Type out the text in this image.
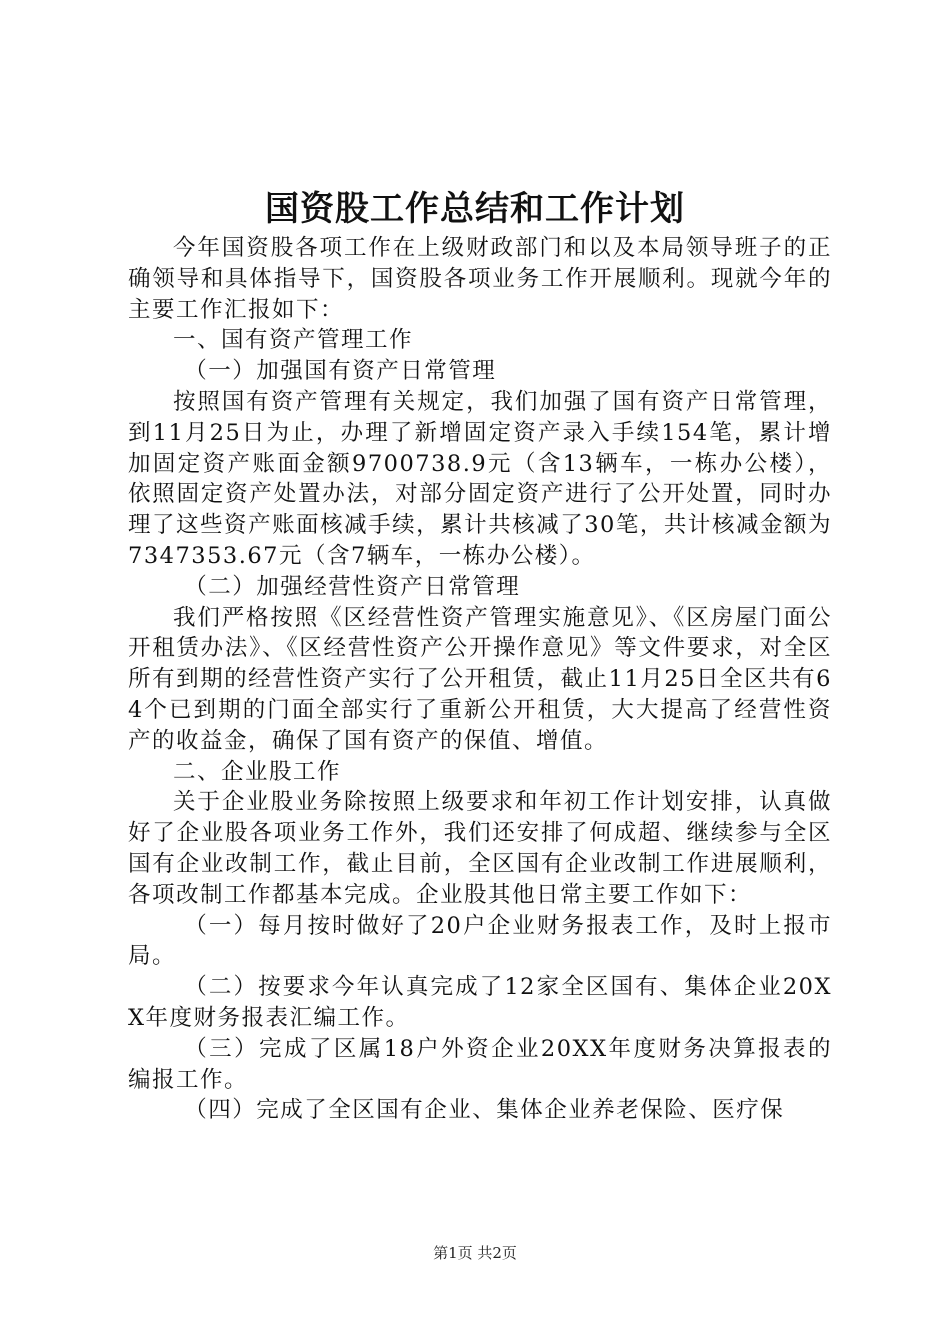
国资股工作总结和工作计划

今年国资股各项工作在上级财政部门和以及本局领导班子的正确领导和具体指导下，国资股各项业务工作开展顺利。现就今年的主要工作汇报如下：

一、国有资产管理工作

（一）加强国有资产日常管理

按照国有资产管理有关规定，我们加强了国有资产日常管理，到11月25日为止，办理了新增固定资产录入手续154笔，累计增加固定资产账面金额9700738.9元（含13辆车，一栋办公楼），依照固定资产处置办法，对部分固定资产进行了公开处置，同时办理了这些资产账面核减手续，累计共核减了30笔，共计核减金额为7347353.67元（含7辆车，一栋办公楼）。

（二）加强经营性资产日常管理

我们严格按照《区经营性资产管理实施意见》、《区房屋门面公开租赁办法》、《区经营性资产公开操作意见》等文件要求，对全区所有到期的经营性资产实行了公开租赁，截止11月25日全区共有64个已到期的门面全部实行了重新公开租赁，大大提高了经营性资产的收益金，确保了国有资产的保值、增值。

二、企业股工作

关于企业股业务除按照上级要求和年初工作计划安排，认真做好了企业股各项业务工作外，我们还安排了何成超、继续参与全区国有企业改制工作，截止目前，全区国有企业改制工作进展顺利，各项改制工作都基本完成。企业股其他日常主要工作如下：

（一）每月按时做好了20户企业财务报表工作，及时上报市局。

（二）按要求今年认真完成了12家全区国有、集体企业20XX年度财务报表汇编工作。

（三）完成了区属18户外资企业20XX年度财务决算报表的编报工作。

（四）完成了全区国有企业、集体企业养老保险、医疗保

第1页 共2页
